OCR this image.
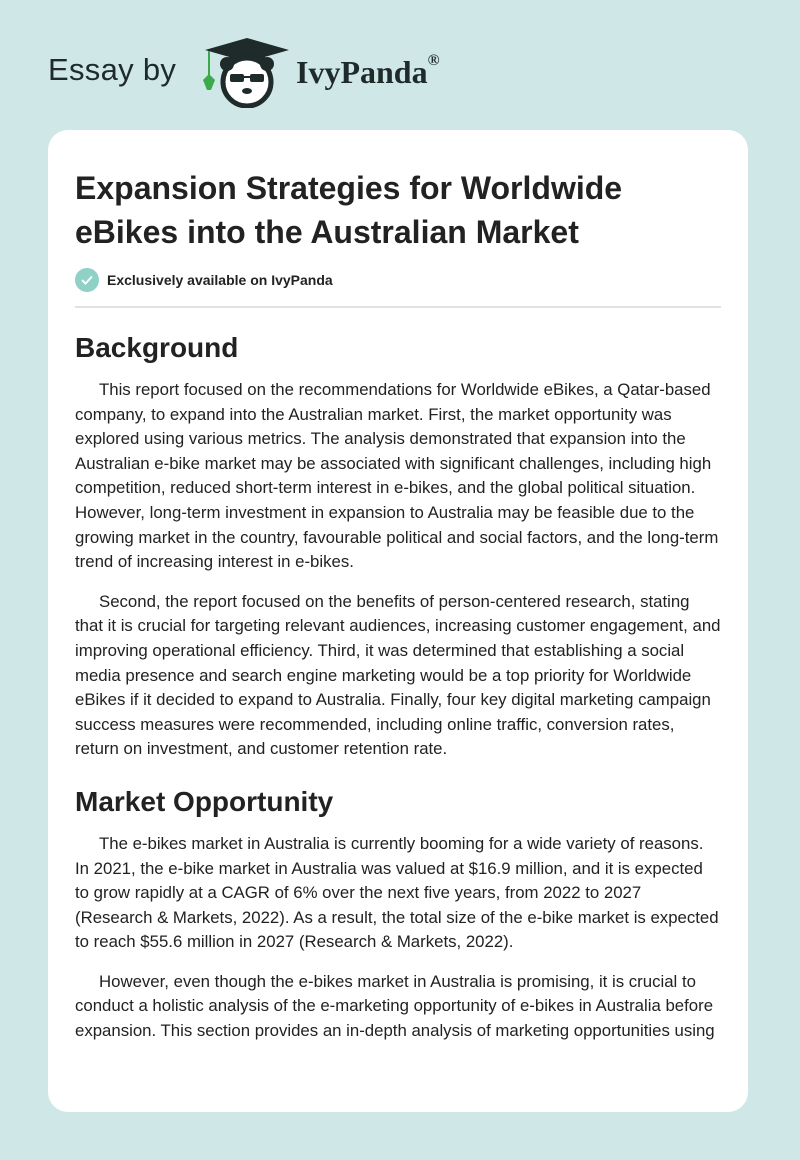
Essay by	IvyPanda®
Expansion Strategies for Worldwide eBikes into the Australian Market
Exclusively available on IvyPanda
Background

This report focused on the recommendations for Worldwide eBikes, a Qatar-based company, to expand into the Australian market. First, the market opportunity was explored using various metrics. The analysis demonstrated that expansion into the Australian e-bike market may be associated with significant challenges, including high competition, reduced short-term interest in e-bikes, and the global political situation. However, long-term investment in expansion to Australia may be feasible due to the growing market in the country, favourable political and social factors, and the long-term trend of increasing interest in e-bikes.

Second, the report focused on the benefits of person-centered research, stating that it is crucial for targeting relevant audiences, increasing customer engagement, and improving operational efficiency. Third, it was determined that establishing a social media presence and search engine marketing would be a top priority for Worldwide eBikes if it decided to expand to Australia. Finally, four key digital marketing campaign success measures were recommended, including online traffic, conversion rates, return on investment, and customer retention rate.

Market Opportunity

The e-bikes market in Australia is currently booming for a wide variety of reasons. In 2021, the e-bike market in Australia was valued at $16.9 million, and it is expected to grow rapidly at a CAGR of 6% over the next five years, from 2022 to 2027 (Research & Markets, 2022). As a result, the total size of the e-bike market is expected to reach $55.6 million in 2027 (Research & Markets, 2022).

However, even though the e-bikes market in Australia is promising, it is crucial to conduct a holistic analysis of the e-marketing opportunity of e-bikes in Australia before expansion. This section provides an in-depth analysis of marketing opportunities using
